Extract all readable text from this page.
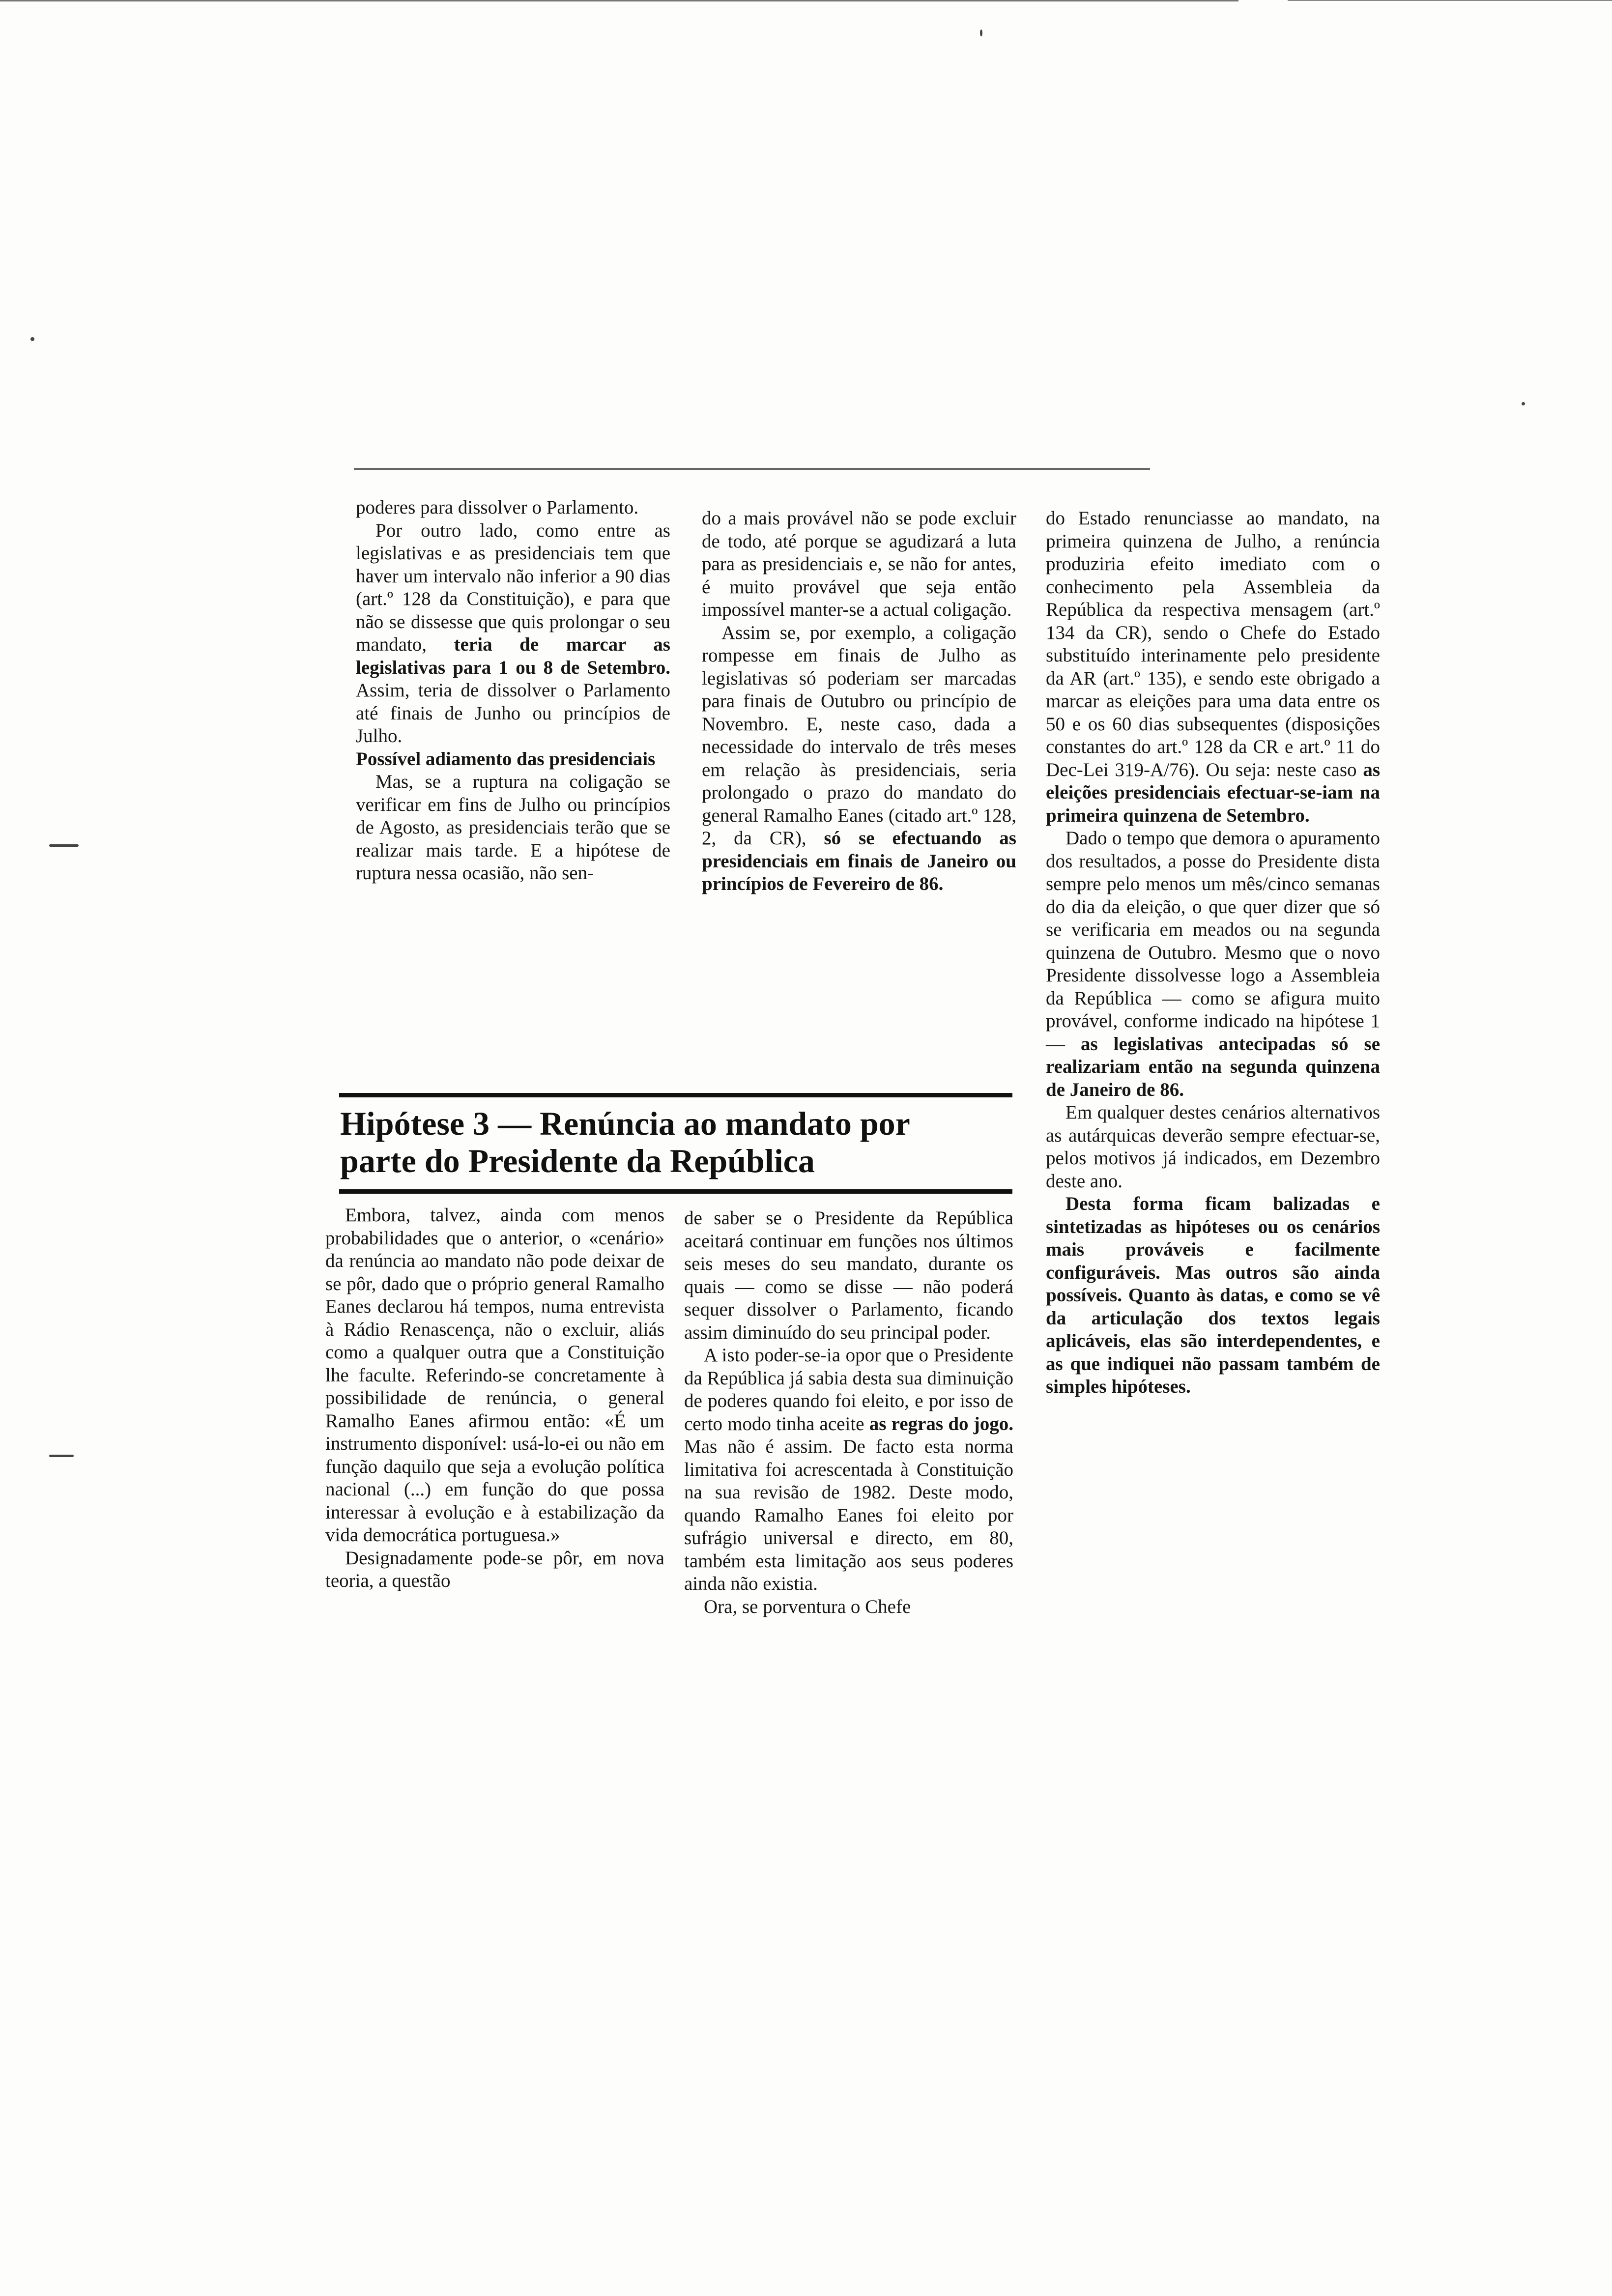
poderes para dissolver o Parlamento.

Por outro lado, como entre as legislativas e as presidenciais tem que haver um intervalo não inferior a 90 dias (art.º 128 da Constituição), e para que não se dissesse que quis prolongar o seu mandato, teria de marcar as legislativas para 1 ou 8 de Setembro. Assim, teria de dissolver o Parlamento até finais de Junho ou princípios de Julho.

Possível adiamento das presidenciais

Mas, se a ruptura na coligação se verificar em fins de Julho ou princípios de Agosto, as presidenciais terão que se realizar mais tarde. E a hipótese de ruptura nessa ocasião, não sen-

do a mais provável não se pode excluir de todo, até porque se agudizará a luta para as presidenciais e, se não for antes, é muito provável que seja então impossível manter-se a actual coligação.

Assim se, por exemplo, a coligação rompesse em finais de Julho as legislativas só poderiam ser marcadas para finais de Outubro ou princípio de Novembro. E, neste caso, dada a necessidade do intervalo de três meses em relação às presidenciais, seria prolongado o prazo do mandato do general Ramalho Eanes (citado art.º 128, 2, da CR), só se efectuando as presidenciais em finais de Janeiro ou princípios de Fevereiro de 86.

do Estado renunciasse ao mandato, na primeira quinzena de Julho, a renúncia produziria efeito imediato com o conhecimento pela Assembleia da República da respectiva mensagem (art.º 134 da CR), sendo o Chefe do Estado substituído interinamente pelo presidente da AR (art.º 135), e sendo este obrigado a marcar as eleições para uma data entre os 50 e os 60 dias subsequentes (disposições constantes do art.º 128 da CR e art.º 11 do Dec-Lei 319-A/76). Ou seja: neste caso as eleições presidenciais efectuar-se-iam na primeira quinzena de Setembro.

Dado o tempo que demora o apuramento dos resultados, a posse do Presidente dista sempre pelo menos um mês/cinco semanas do dia da eleição, o que quer dizer que só se verificaria em meados ou na segunda quinzena de Outubro. Mesmo que o novo Presidente dissolvesse logo a Assembleia da República — como se afigura muito provável, conforme indicado na hipótese 1 — as legislativas antecipadas só se realizariam então na segunda quinzena de Janeiro de 86.

Em qualquer destes cenários alternativos as autárquicas deverão sempre efectuar-se, pelos motivos já indicados, em Dezembro deste ano.

Desta forma ficam balizadas e sintetizadas as hipóteses ou os cenários mais prováveis e facilmente configuráveis. Mas outros são ainda possíveis. Quanto às datas, e como se vê da articulação dos textos legais aplicáveis, elas são interdependentes, e as que indiquei não passam também de simples hipóteses.

Hipótese 3 — Renúncia ao mandato por
parte do Presidente da República

Embora, talvez, ainda com menos probabilidades que o anterior, o «cenário» da renúncia ao mandato não pode deixar de se pôr, dado que o próprio general Ramalho Eanes declarou há tempos, numa entrevista à Rádio Renascença, não o excluir, aliás como a qualquer outra que a Constituição lhe faculte. Referindo-se concretamente à possibilidade de renúncia, o general Ramalho Eanes afirmou então: «É um instrumento disponível: usá-lo-ei ou não em função daquilo que seja a evolução política nacional (...) em função do que possa interessar à evolução e à estabilização da vida democrática portuguesa.»

Designadamente pode-se pôr, em nova teoria, a questão

de saber se o Presidente da República aceitará continuar em funções nos últimos seis meses do seu mandato, durante os quais — como se disse — não poderá sequer dissolver o Parlamento, ficando assim diminuído do seu principal poder.

A isto poder-se-ia opor que o Presidente da República já sabia desta sua diminuição de poderes quando foi eleito, e por isso de certo modo tinha aceite as regras do jogo. Mas não é assim. De facto esta norma limitativa foi acrescentada à Constituição na sua revisão de 1982. Deste modo, quando Ramalho Eanes foi eleito por sufrágio universal e directo, em 80, também esta limitação aos seus poderes ainda não existia.

Ora, se porventura o Chefe
